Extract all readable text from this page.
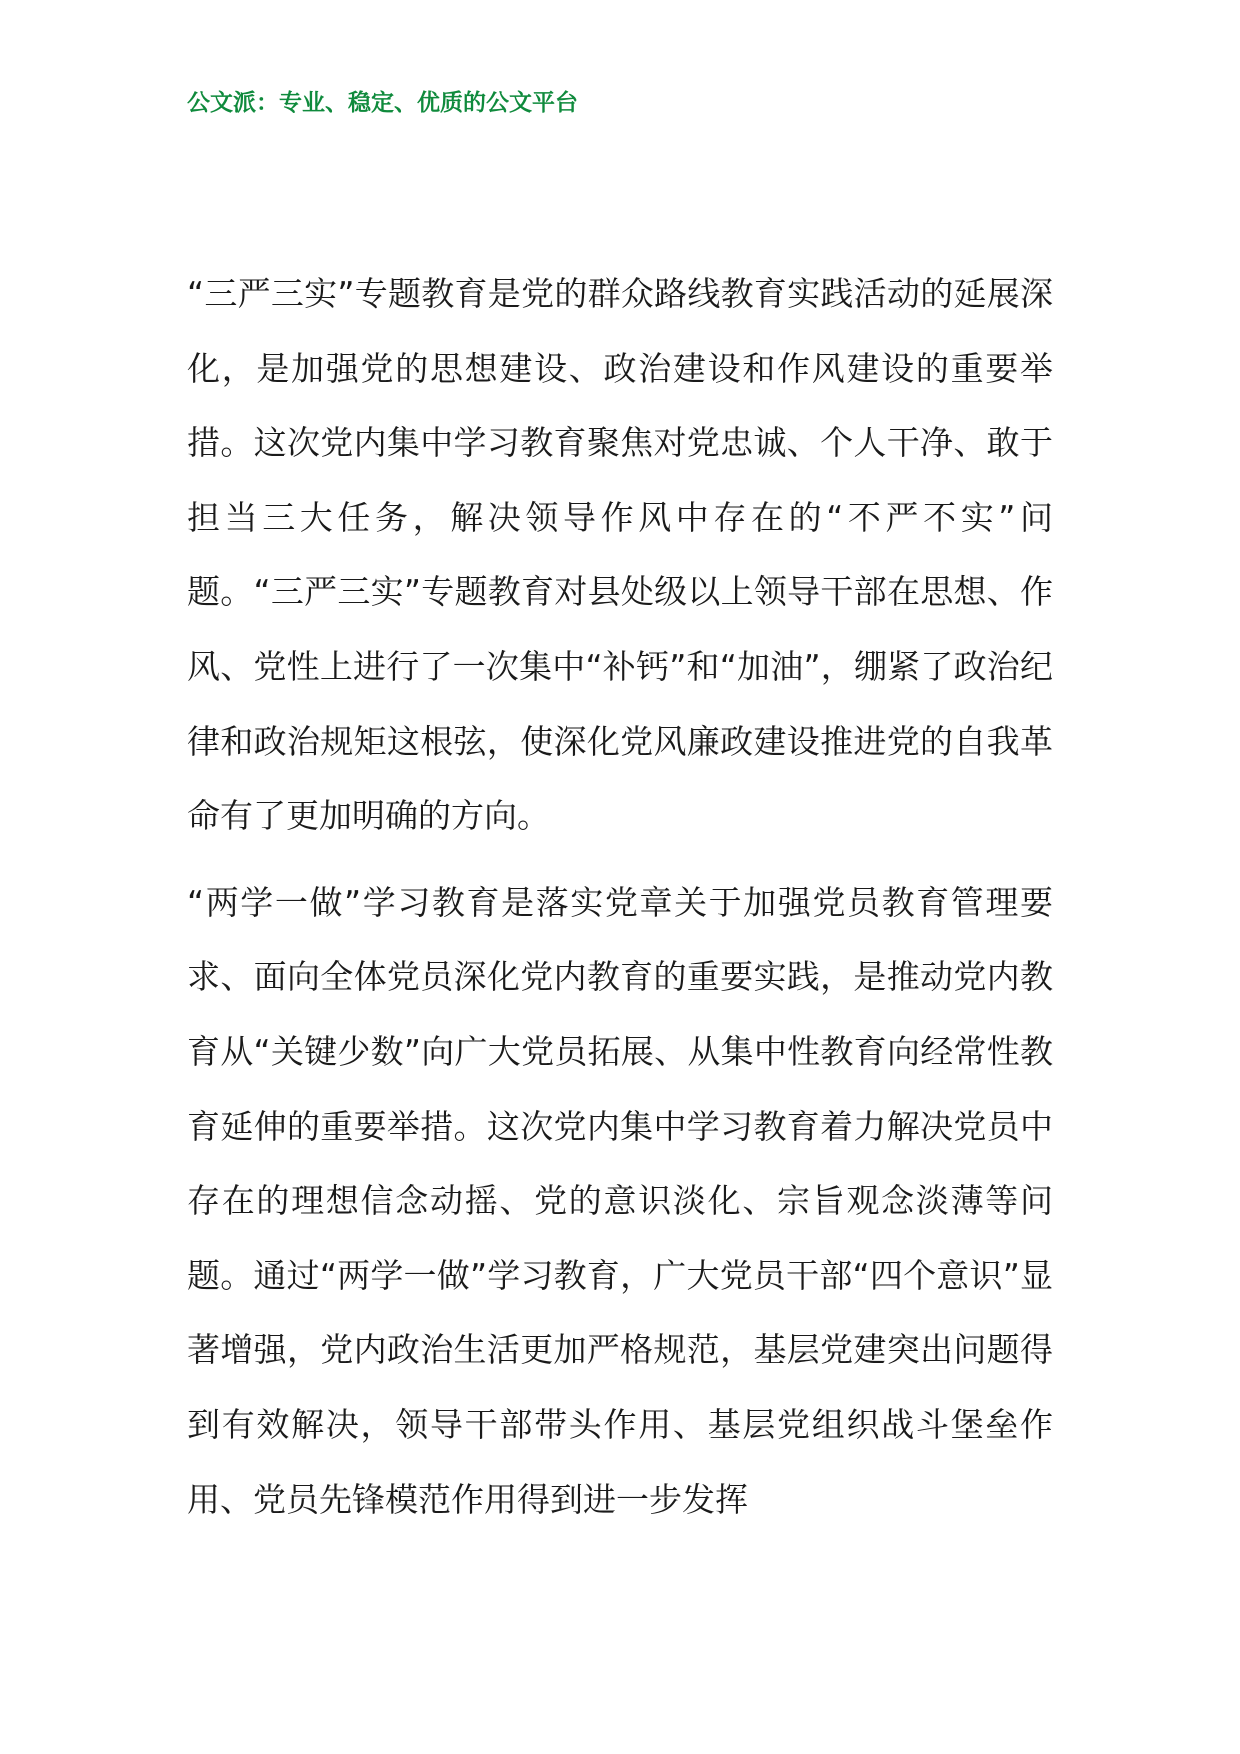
公文派：专业、稳定、优质的公文平台

“三严三实”专题教育是党的群众路线教育实践活动的延展深化，是加强党的思想建设、政治建设和作风建设的重要举措。这次党内集中学习教育聚焦对党忠诚、个人干净、敢于担当三大任务，解决领导作风中存在的“不严不实”问题。“三严三实”专题教育对县处级以上领导干部在思想、作风、党性上进行了一次集中“补钙”和“加油”，绷紧了政治纪律和政治规矩这根弦，使深化党风廉政建设推进党的自我革命有了更加明确的方向。

“两学一做”学习教育是落实党章关于加强党员教育管理要求、面向全体党员深化党内教育的重要实践，是推动党内教育从“关键少数”向广大党员拓展、从集中性教育向经常性教育延伸的重要举措。这次党内集中学习教育着力解决党员中存在的理想信念动摇、党的意识淡化、宗旨观念淡薄等问题。通过“两学一做”学习教育，广大党员干部“四个意识”显著增强，党内政治生活更加严格规范，基层党建突出问题得到有效解决，领导干部带头作用、基层党组织战斗堡垒作用、党员先锋模范作用得到进一步发挥
